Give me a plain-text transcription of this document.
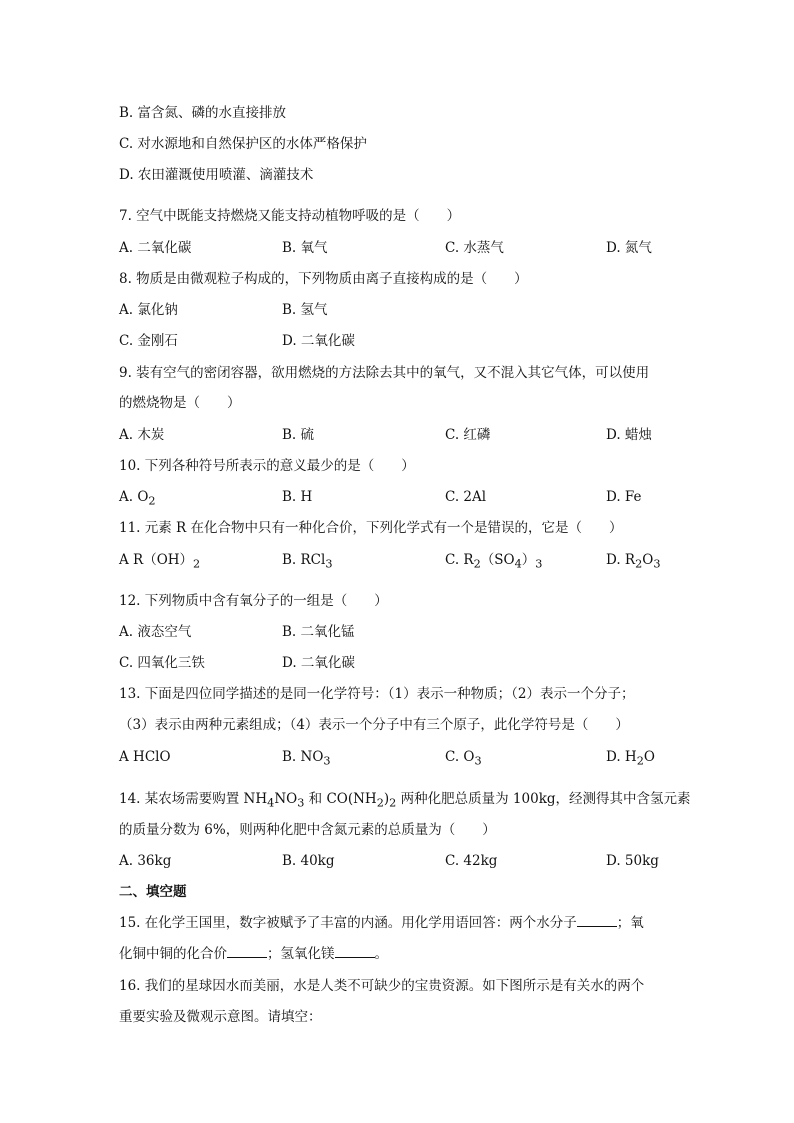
B. 富含氮、磷的水直接排放
C. 对水源地和自然保护区的水体严格保护
D. 农田灌溉使用喷灌、滴灌技术
7. 空气中既能支持燃烧又能支持动植物呼吸的是（　　）
A. 二氧化碳	B. 氧气	C. 水蒸气	D. 氮气
8. 物质是由微观粒子构成的，下列物质由离子直接构成的是（　　）
A. 氯化钠	B. 氢气
C. 金刚石	D. 二氧化碳
9. 装有空气的密闭容器，欲用燃烧的方法除去其中的氧气，又不混入其它气体，可以使用
的燃烧物是（　　）
A. 木炭	B. 硫	C. 红磷	D. 蜡烛
10. 下列各种符号所表示的意义最少的是（　　）
A. $O_2$	B. H	C. 2Al	D. Fe
11. 元素 R 在化合物中只有一种化合价，下列化学式有一个是错误的，它是（　　）
A $R(OH)_2$	B. RCl$_3$	C. $R_2(SO_4)_3$	D. $R_2O_3$
12. 下列物质中含有氧分子的一组是（　　）
A. 液态空气	B. 二氧化锰
C. 四氧化三铁	D. 二氧化碳
13. 下面是四位同学描述的是同一化学符号：（1）表示一种物质；（2）表示一个分子；
（3）表示由两种元素组成；（4）表示一个分子中有三个原子，此化学符号是（　　）
A HClO	B. $NO_3$	C. $O_3$	D. $H_2O$
14. 某农场需要购置 $NH_4NO_3$ 和 $CO(NH_2)_2$ 两种化肥总质量为 100kg，经测得其中含氢元素
的质量分数为 6%，则两种化肥中含氮元素的总质量为（　　）
A. 36kg	B. 40kg	C. 42kg	D. 50kg
二、填空题
15. 在化学王国里，数字被赋予了丰富的内涵。用化学用语回答：两个水分子	；氧
化铜中铜的化合价	；氢氧化镁	。
16. 我们的星球因水而美丽，水是人类不可缺少的宝贵资源。如下图所示是有关水的两个
重要实验及微观示意图。请填空：
